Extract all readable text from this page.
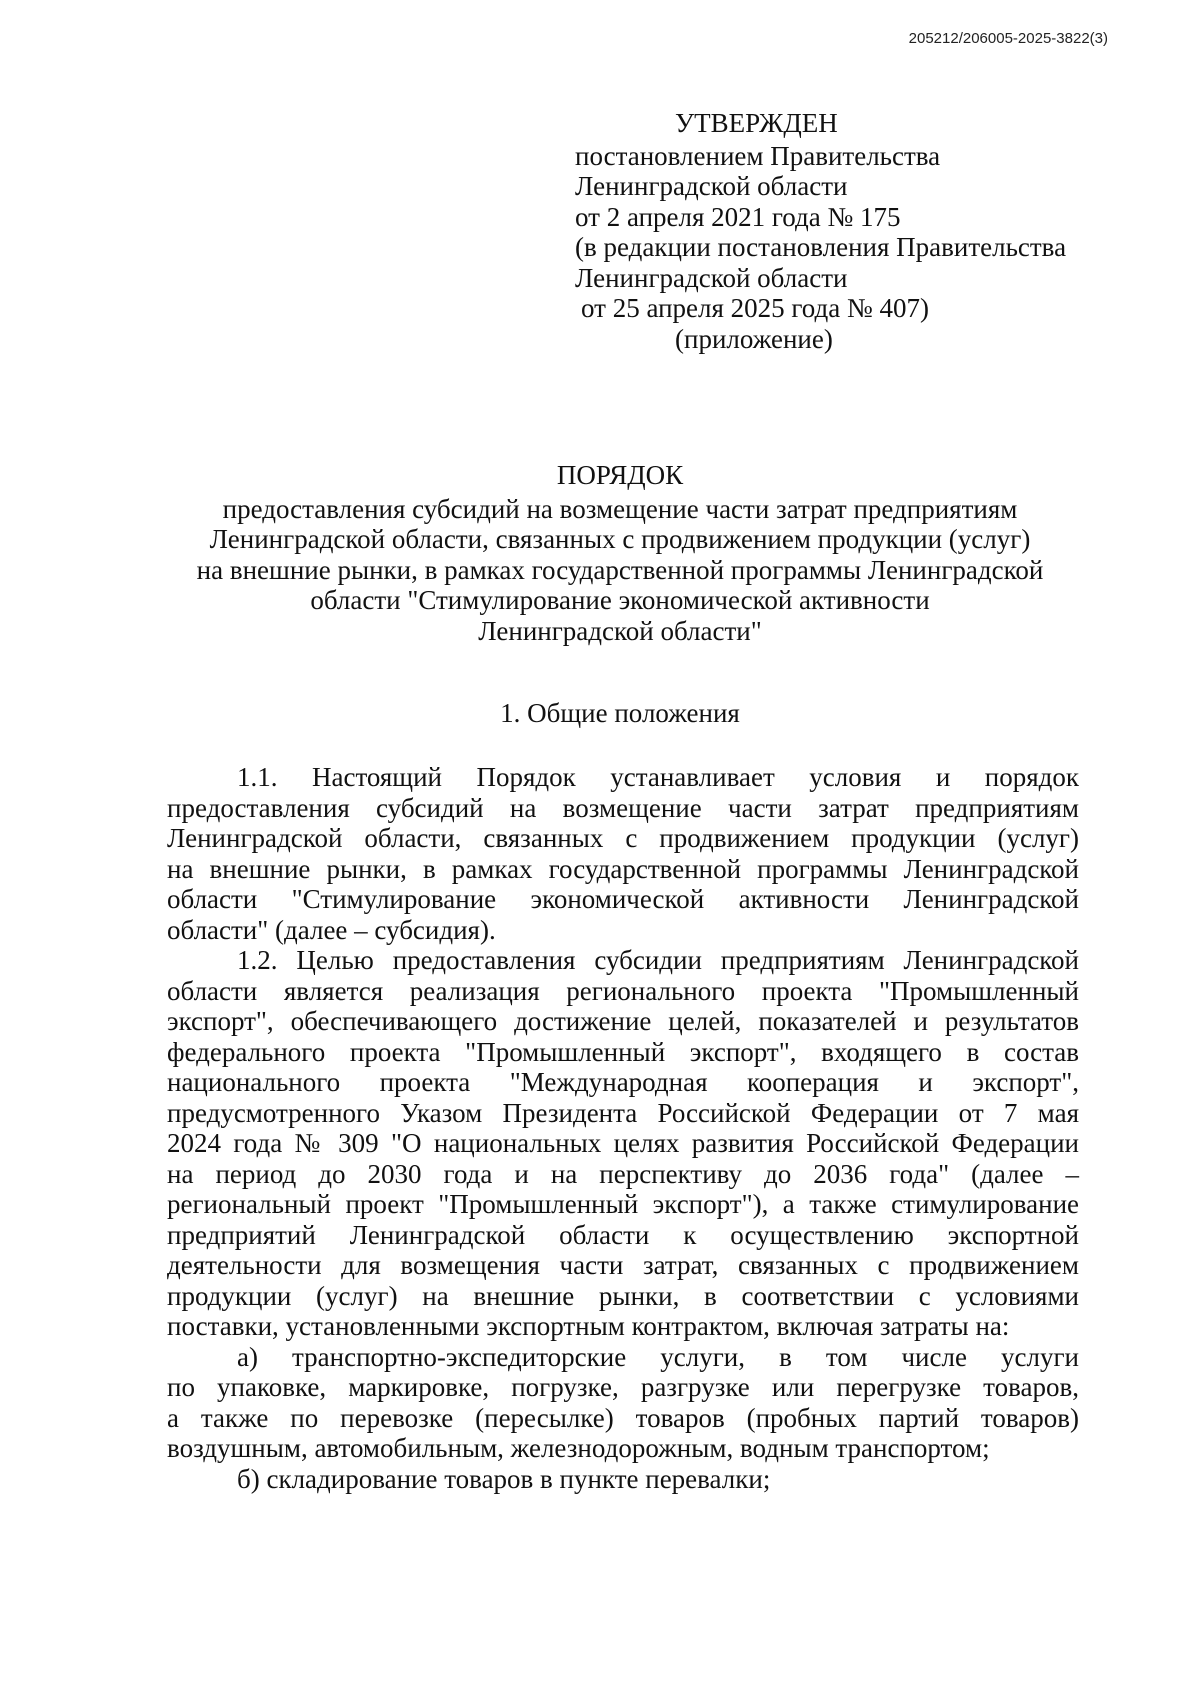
205212/206005-2025-3822(3)
УТВЕРЖДЕН
постановлением Правительства
Ленинградской области
от 2 апреля 2021 года № 175
(в редакции постановления Правительства
Ленинградской области
от 25 апреля 2025 года № 407)
(приложение)
ПОРЯДОК
предоставления субсидий на возмещение части затрат предприятиям
Ленинградской области, связанных с продвижением продукции (услуг)
на внешние рынки, в рамках государственной программы Ленинградской
области "Стимулирование экономической активности
Ленинградской области"
1. Общие положения

1.1. Настоящий Порядок устанавливает условия и порядок
предоставления субсидий на возмещение части затрат предприятиям
Ленинградской области, связанных с продвижением продукции (услуг)
на внешние рынки, в рамках государственной программы Ленинградской
области "Стимулирование экономической активности Ленинградской
области" (далее – субсидия).

1.2. Целью предоставления субсидии предприятиям Ленинградской
области является реализация регионального проекта "Промышленный
экспорт", обеспечивающего достижение целей, показателей и результатов
федерального проекта "Промышленный экспорт", входящего в состав
национального проекта "Международная кооперация и экспорт",
предусмотренного Указом Президента Российской Федерации от 7 мая
2024 года № 309 "О национальных целях развития Российской Федерации
на период до 2030 года и на перспективу до 2036 года" (далее –
региональный проект "Промышленный экспорт"), а также стимулирование
предприятий Ленинградской области к осуществлению экспортной
деятельности для возмещения части затрат, связанных с продвижением
продукции (услуг) на внешние рынки, в соответствии с условиями
поставки, установленными экспортным контрактом, включая затраты на:

а) транспортно-экспедиторские услуги, в том числе услуги
по упаковке, маркировке, погрузке, разгрузке или перегрузке товаров,
а также по перевозке (пересылке) товаров (пробных партий товаров)
воздушным, автомобильным, железнодорожным, водным транспортом;

б) складирование товаров в пункте перевалки;
